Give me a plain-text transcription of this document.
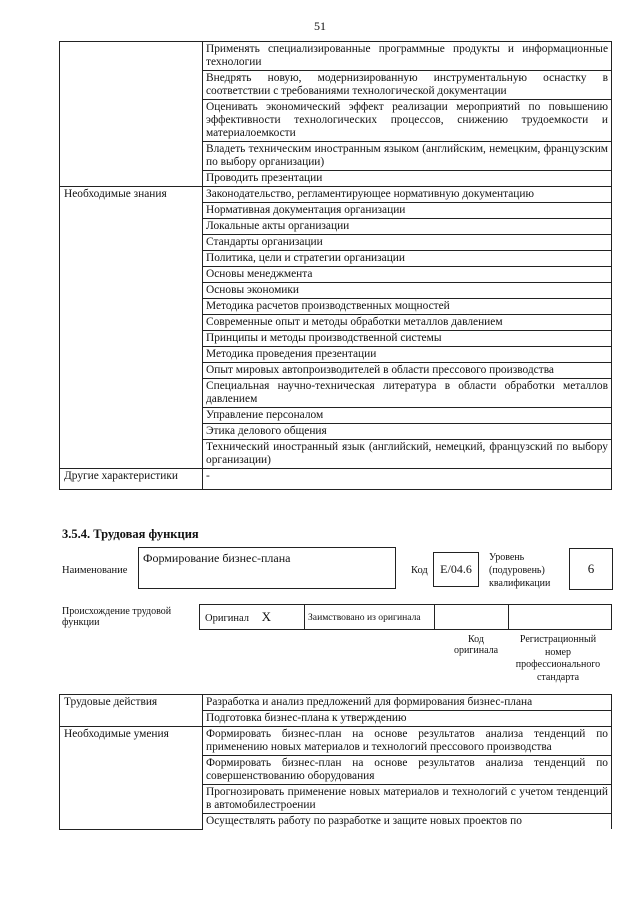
51
	Применять специализированные программные продукты и информационные технологии
	Внедрять новую, модернизированную инструментальную оснастку в соответствии с требованиями технологической документации
	Оценивать экономический эффект реализации мероприятий по повышению эффективности технологических процессов, снижению трудоемкости и материалоемкости
	Владеть техническим иностранным языком (английским, немецким, французским по выбору организации)
	Проводить презентации
Необходимые знания	Законодательство, регламентирующее нормативную документацию
	Нормативная документация организации
	Локальные акты организации
	Стандарты организации
	Политика, цели и стратегии организации
	Основы менеджмента
	Основы экономики
	Методика расчетов производственных мощностей
	Современные опыт и методы обработки металлов давлением
	Принципы и методы производственной системы
	Методика проведения презентации
	Опыт мировых автопроизводителей в области прессового производства
	Специальная научно-техническая литература в области обработки металлов давлением
	Управление персоналом
	Этика делового общения
	Технический иностранный язык (английский, немецкий, французский по выбору организации)
Другие характеристики	-
3.5.4. Трудовая функция
Наименование
Формирование бизнес-плана
Код	E/04.6
Уровень (подуровень) квалификации
6
Происхождение трудовой функции	Оригинал X	Заимствовано из оригинала		
Код оригинала
Регистрационный номер профессионального стандарта
Трудовые действия	Разработка и анализ предложений для формирования бизнес-плана
	Подготовка бизнес-плана к утверждению
Необходимые умения	Формировать бизнес-план на основе результатов анализа тенденций по применению новых материалов и технологий прессового производства
	Формировать бизнес-план на основе результатов анализа тенденций по совершенствованию оборудования
	Прогнозировать применение новых материалов и технологий с учетом тенденций в автомобилестроении
	Осуществлять работу по разработке и защите новых проектов по
